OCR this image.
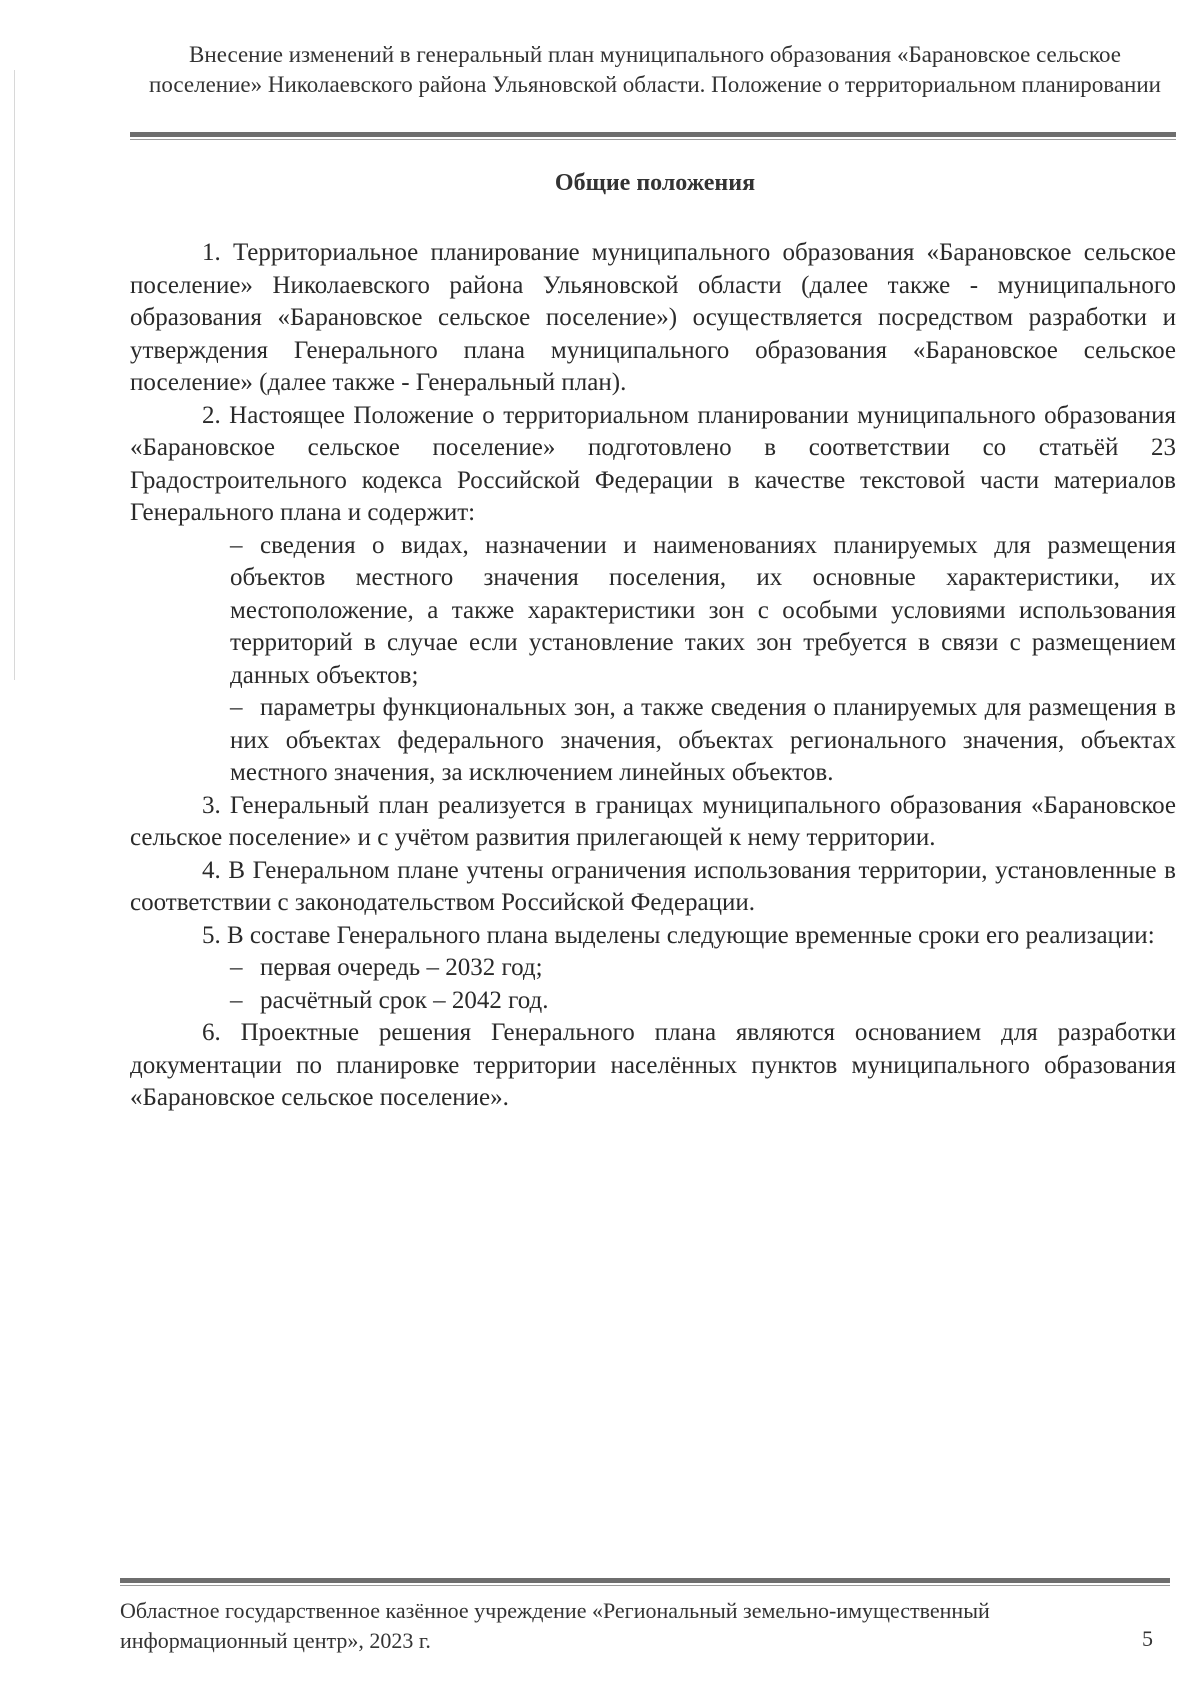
Внесение изменений в генеральный план муниципального образования «Барановское сельское поселение» Николаевского района Ульяновской области. Положение о территориальном планировании
Общие положения

1. Территориальное планирование муниципального образования «Барановское сельское поселение» Николаевского района Ульяновской области (далее также - муниципального образования «Барановское сельское поселение») осуществляется посредством разработки и утверждения Генерального плана муниципального образования «Барановское сельское поселение» (далее также - Генеральный план).

2. Настоящее Положение о территориальном планировании муниципального образования «Барановское сельское поселение» подготовлено в соответствии со статьёй 23 Градостроительного кодекса Российской Федерации в качестве текстовой части материалов Генерального плана и содержит:

– сведения о видах, назначении и наименованиях планируемых для размещения объектов местного значения поселения, их основные характеристики, их местоположение, а также характеристики зон с особыми условиями использования территорий в случае если установление таких зон требуется в связи с размещением данных объектов;
– параметры функциональных зон, а также сведения о планируемых для размещения в них объектах федерального значения, объектах регионального значения, объектах местного значения, за исключением линейных объектов.

3. Генеральный план реализуется в границах муниципального образования «Барановское сельское поселение» и с учётом развития прилегающей к нему территории.

4. В Генеральном плане учтены ограничения использования территории, установленные в соответствии с законодательством Российской Федерации.

5. В составе Генерального плана выделены следующие временные сроки его реализации:

– первая очередь – 2032 год;
– расчётный срок – 2042 год.

6. Проектные решения Генерального плана являются основанием для разработки документации по планировке территории населённых пунктов муниципального образования «Барановское сельское поселение».

Областное государственное казённое учреждение «Региональный земельно-имущественный информационный центр», 2023 г.	5
